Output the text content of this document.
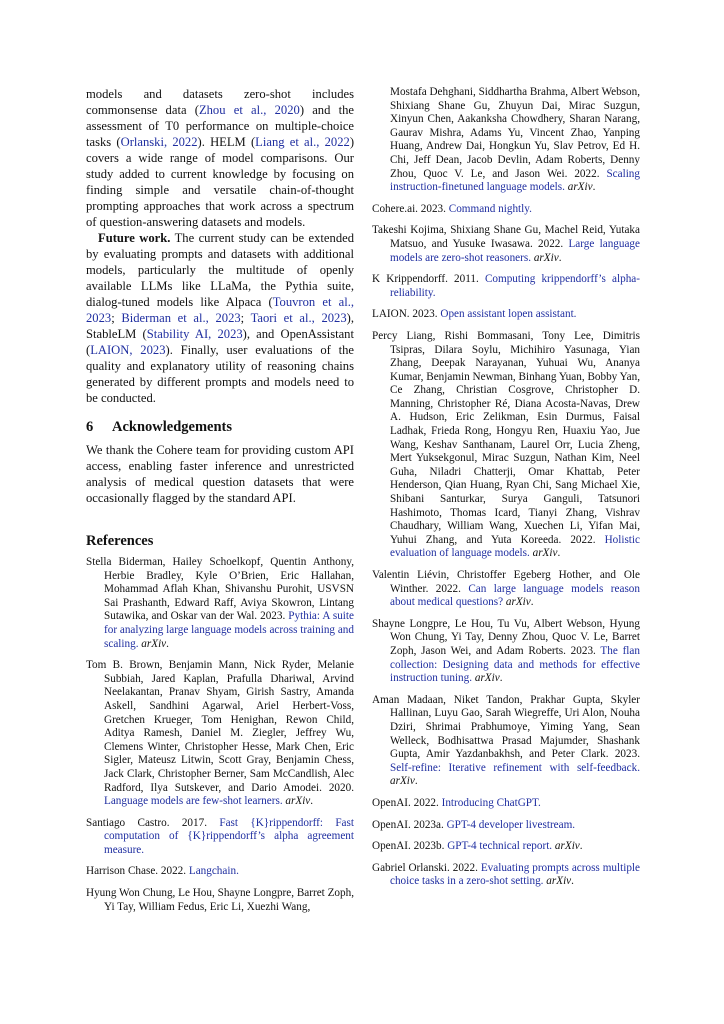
models and datasets zero-shot includes commonsense data (Zhou et al., 2020) and the assessment of T0 performance on multiple-choice tasks (Orlanski, 2022). HELM (Liang et al., 2022) covers a wide range of model comparisons. Our study added to current knowledge by focusing on finding simple and versatile chain-of-thought prompting approaches that work across a spectrum of question-answering datasets and models.

Future work. The current study can be extended by evaluating prompts and datasets with additional models, particularly the multitude of openly available LLMs like LLaMa, the Pythia suite, dialog-tuned models like Alpaca (Touvron et al., 2023; Biderman et al., 2023; Taori et al., 2023), StableLM (Stability AI, 2023), and OpenAssistant (LAION, 2023). Finally, user evaluations of the quality and explanatory utility of reasoning chains generated by different prompts and models need to be conducted.

6 Acknowledgements

We thank the Cohere team for providing custom API access, enabling faster inference and unrestricted analysis of medical question datasets that were occasionally flagged by the standard API.

References

Stella Biderman, Hailey Schoelkopf, Quentin Anthony, Herbie Bradley, Kyle O’Brien, Eric Hallahan, Mohammad Aflah Khan, Shivanshu Purohit, USVSN Sai Prashanth, Edward Raff, Aviya Skowron, Lintang Sutawika, and Oskar van der Wal. 2023. Pythia: A suite for analyzing large language models across training and scaling. arXiv.

Tom B. Brown, Benjamin Mann, Nick Ryder, Melanie Subbiah, Jared Kaplan, Prafulla Dhariwal, Arvind Neelakantan, Pranav Shyam, Girish Sastry, Amanda Askell, Sandhini Agarwal, Ariel Herbert-Voss, Gretchen Krueger, Tom Henighan, Rewon Child, Aditya Ramesh, Daniel M. Ziegler, Jeffrey Wu, Clemens Winter, Christopher Hesse, Mark Chen, Eric Sigler, Mateusz Litwin, Scott Gray, Benjamin Chess, Jack Clark, Christopher Berner, Sam McCandlish, Alec Radford, Ilya Sutskever, and Dario Amodei. 2020. Language models are few-shot learners. arXiv.

Santiago Castro. 2017. Fast {K}rippendorff: Fast computation of {K}rippendorff’s alpha agreement measure.

Harrison Chase. 2022. Langchain.

Hyung Won Chung, Le Hou, Shayne Longpre, Barret Zoph, Yi Tay, William Fedus, Eric Li, Xuezhi Wang,

Mostafa Dehghani, Siddhartha Brahma, Albert Webson, Shixiang Shane Gu, Zhuyun Dai, Mirac Suzgun, Xinyun Chen, Aakanksha Chowdhery, Sharan Narang, Gaurav Mishra, Adams Yu, Vincent Zhao, Yanping Huang, Andrew Dai, Hongkun Yu, Slav Petrov, Ed H. Chi, Jeff Dean, Jacob Devlin, Adam Roberts, Denny Zhou, Quoc V. Le, and Jason Wei. 2022. Scaling instruction-finetuned language models. arXiv.

Cohere.ai. 2023. Command nightly.

Takeshi Kojima, Shixiang Shane Gu, Machel Reid, Yutaka Matsuo, and Yusuke Iwasawa. 2022. Large language models are zero-shot reasoners. arXiv.

K Krippendorff. 2011. Computing krippendorff’s alpha-reliability.

LAION. 2023. Open assistant lopen assistant.

Percy Liang, Rishi Bommasani, Tony Lee, Dimitris Tsipras, Dilara Soylu, Michihiro Yasunaga, Yian Zhang, Deepak Narayanan, Yuhuai Wu, Ananya Kumar, Benjamin Newman, Binhang Yuan, Bobby Yan, Ce Zhang, Christian Cosgrove, Christopher D. Manning, Christopher Ré, Diana Acosta-Navas, Drew A. Hudson, Eric Zelikman, Esin Durmus, Faisal Ladhak, Frieda Rong, Hongyu Ren, Huaxiu Yao, Jue Wang, Keshav Santhanam, Laurel Orr, Lucia Zheng, Mert Yuksekgonul, Mirac Suzgun, Nathan Kim, Neel Guha, Niladri Chatterji, Omar Khattab, Peter Henderson, Qian Huang, Ryan Chi, Sang Michael Xie, Shibani Santurkar, Surya Ganguli, Tatsunori Hashimoto, Thomas Icard, Tianyi Zhang, Vishrav Chaudhary, William Wang, Xuechen Li, Yifan Mai, Yuhui Zhang, and Yuta Koreeda. 2022. Holistic evaluation of language models. arXiv.

Valentin Liévin, Christoffer Egeberg Hother, and Ole Winther. 2022. Can large language models reason about medical questions? arXiv.

Shayne Longpre, Le Hou, Tu Vu, Albert Webson, Hyung Won Chung, Yi Tay, Denny Zhou, Quoc V. Le, Barret Zoph, Jason Wei, and Adam Roberts. 2023. The flan collection: Designing data and methods for effective instruction tuning. arXiv.

Aman Madaan, Niket Tandon, Prakhar Gupta, Skyler Hallinan, Luyu Gao, Sarah Wiegreffe, Uri Alon, Nouha Dziri, Shrimai Prabhumoye, Yiming Yang, Sean Welleck, Bodhisattwa Prasad Majumder, Shashank Gupta, Amir Yazdanbakhsh, and Peter Clark. 2023. Self-refine: Iterative refinement with self-feedback. arXiv.

OpenAI. 2022. Introducing ChatGPT.

OpenAI. 2023a. GPT-4 developer livestream.

OpenAI. 2023b. GPT-4 technical report. arXiv.

Gabriel Orlanski. 2022. Evaluating prompts across multiple choice tasks in a zero-shot setting. arXiv.
